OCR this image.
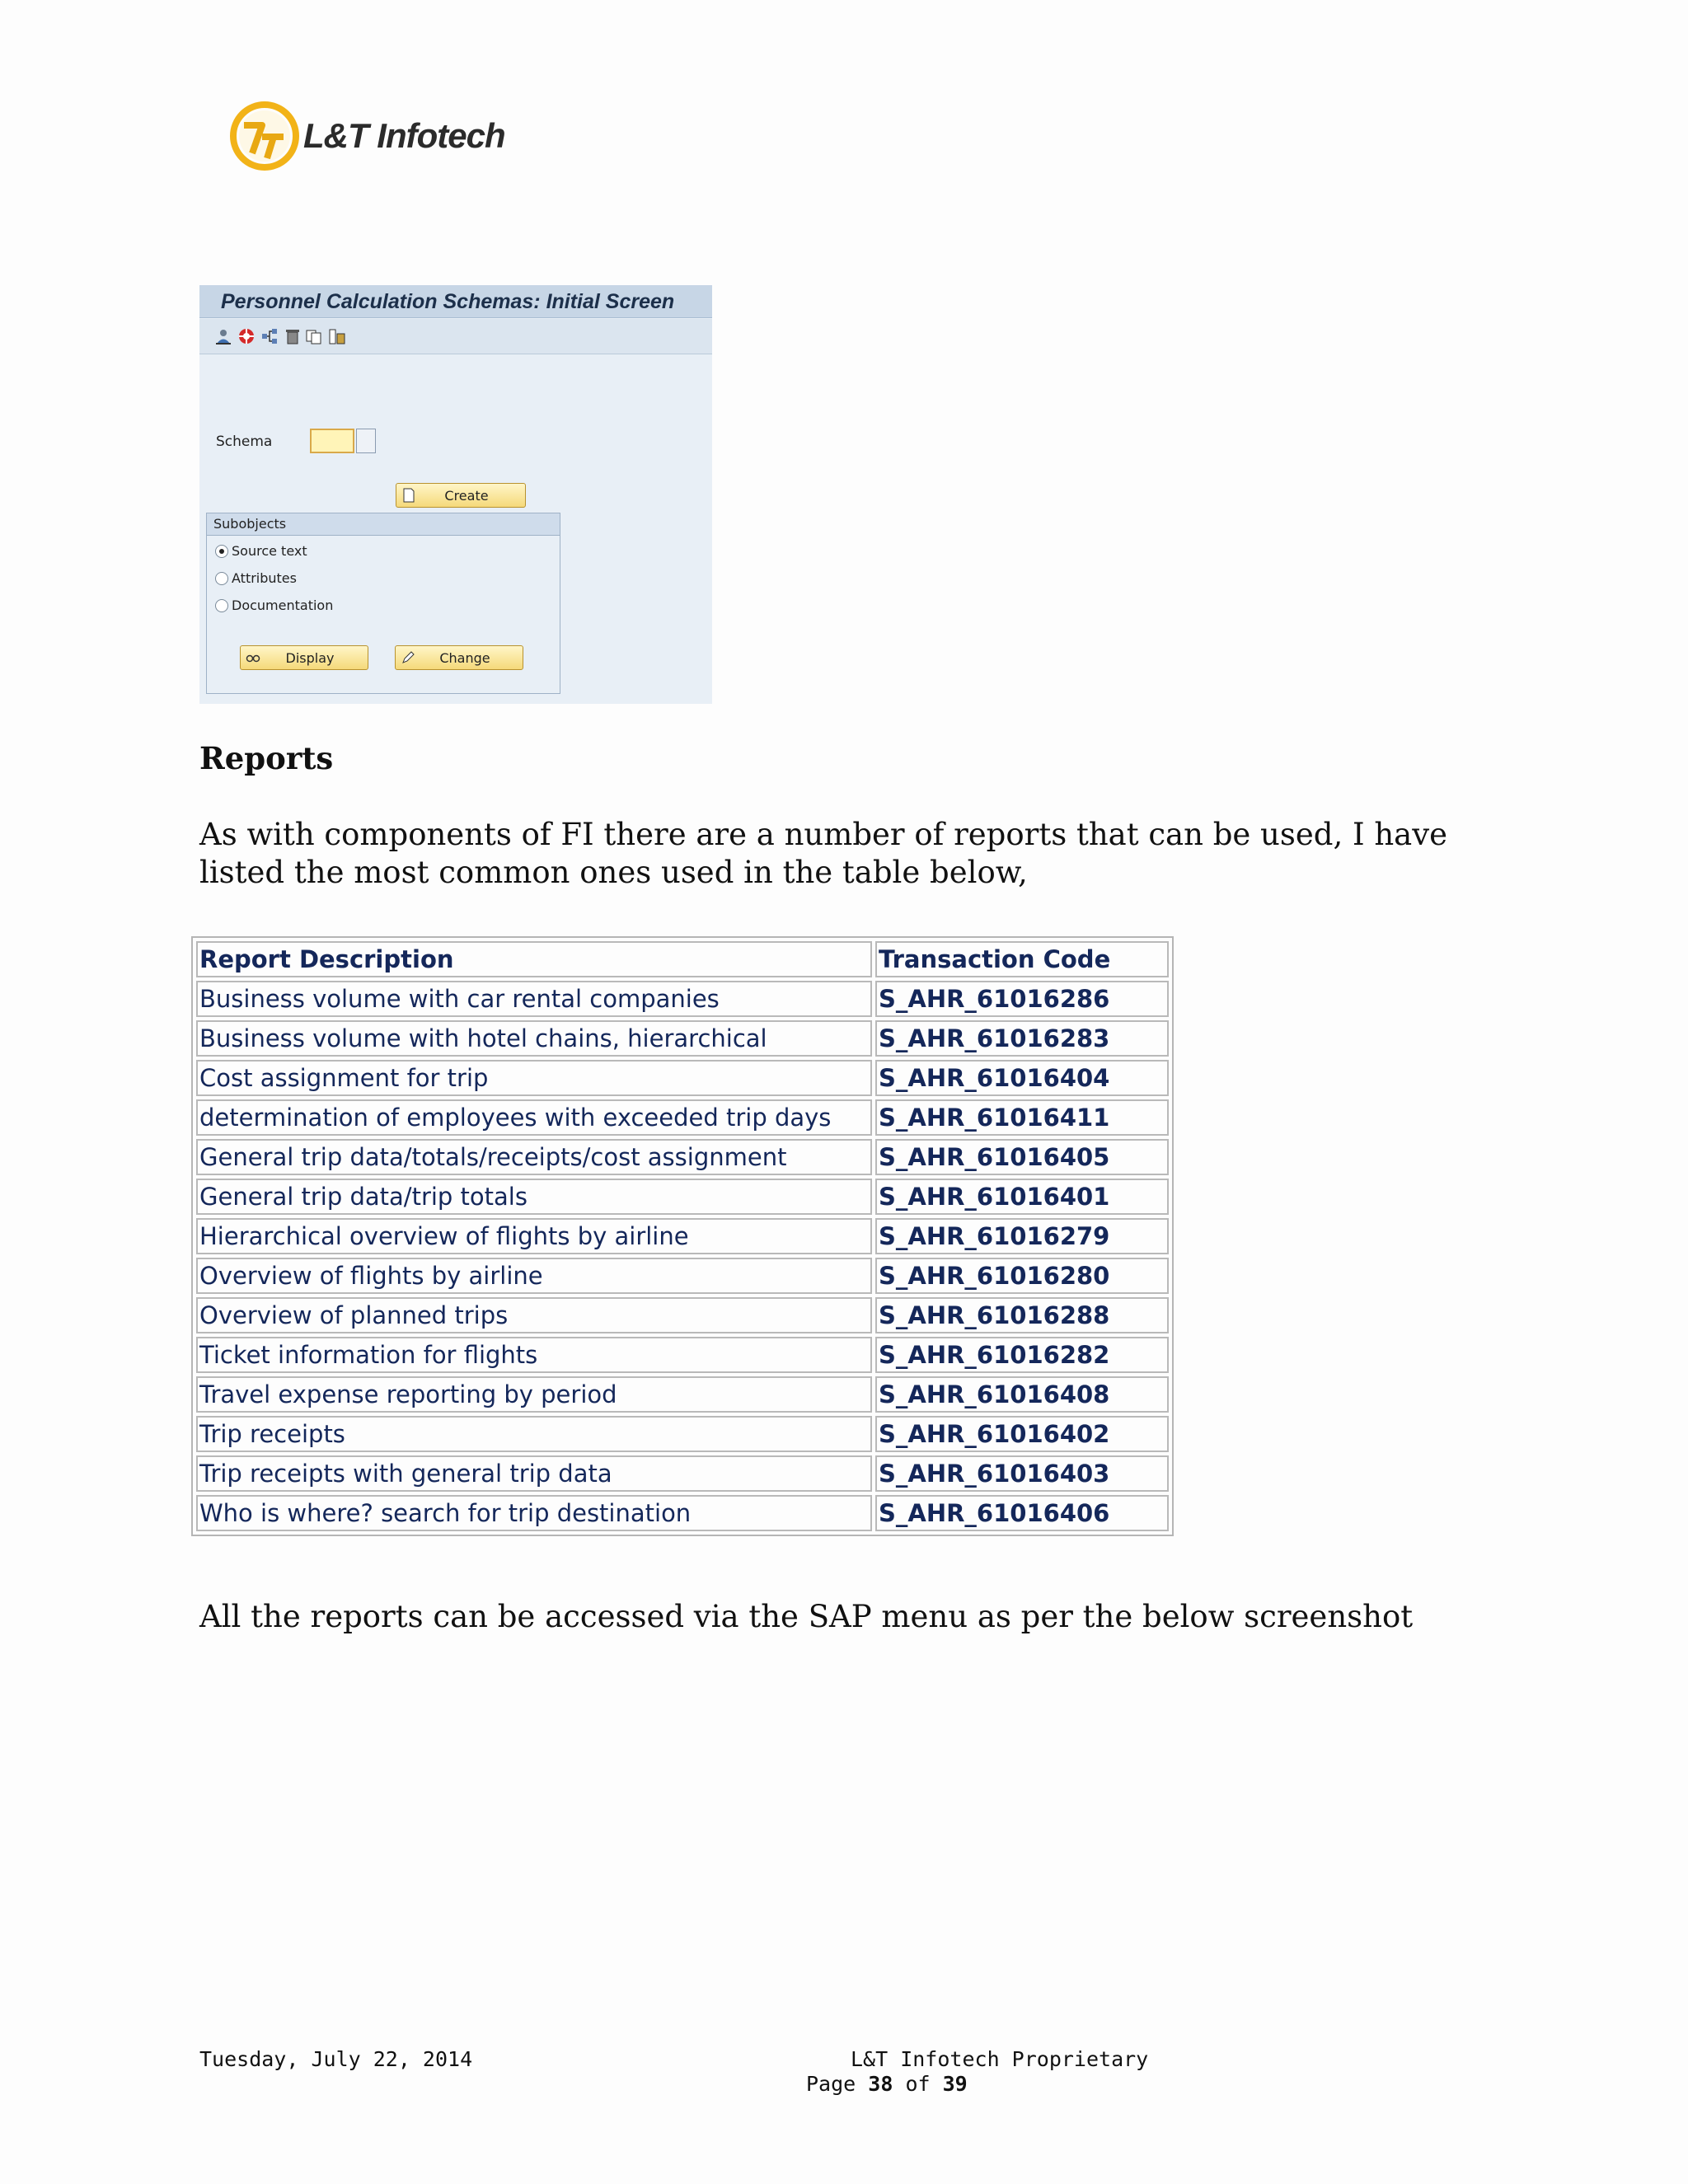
L&T Infotech
Personnel Calculation Schemas: Initial Screen
Schema
Create
Subobjects
Source text
Attributes
Documentation
Display	Change
Reports
As with components of FI there are a number of reports that can be used, I have listed the most common ones used in the table below,
Report Description	Transaction Code
Business volume with car rental companies	S_AHR_61016286
Business volume with hotel chains, hierarchical	S_AHR_61016283
Cost assignment for trip	S_AHR_61016404
determination of employees with exceeded trip days	S_AHR_61016411
General trip data/totals/receipts/cost assignment	S_AHR_61016405
General trip data/trip totals	S_AHR_61016401
Hierarchical overview of flights by airline	S_AHR_61016279
Overview of flights by airline	S_AHR_61016280
Overview of planned trips	S_AHR_61016288
Ticket information for flights	S_AHR_61016282
Travel expense reporting by period	S_AHR_61016408
Trip receipts	S_AHR_61016402
Trip receipts with general trip data	S_AHR_61016403
Who is where? search for trip destination	S_AHR_61016406
All the reports can be accessed via the SAP menu as per the below screenshot
Tuesday, July 22, 2014	L&T Infotech Proprietary
Page 38 of 39
